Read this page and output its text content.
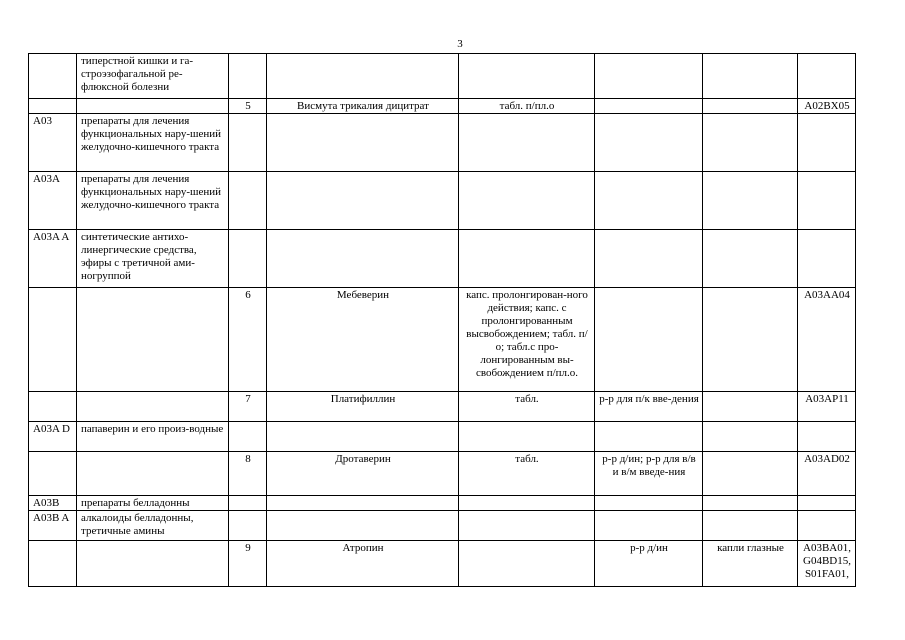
3
	типерстной кишки и га-строэзофагальной ре-флюксной болезни						
		5	Висмута трикалия дицитрат	табл. п/пл.о			A02BX05
A03	препараты для лечения функциональных нару-шений желудочно-кишечного тракта						
A03A	препараты для лечения функциональных нару-шений желудочно-кишечного тракта						
A03A A	синтетические антихо-линергические средства, эфиры с третичной ами-ногруппой						
		6	Мебеверин	капс. пролонгирован-ного действия; капс. с пролонгированным высвобождением; табл. п/о; табл.с про-лонгированным вы-свобождением п/пл.о.			A03AA04
		7	Платифиллин	табл.	р-р для п/к вве-дения		A03AP11
A03A D	папаверин и его произ-водные						
		8	Дротаверин	табл.	р-р д/ин; р-р для в/в и в/м введе-ния		A03AD02
A03B	препараты белладонны						
A03B A	алкалоиды белладонны, третичные амины						
		9	Атропин		р-р д/ин	капли глазные	A03BA01, G04BD15, S01FA01,
